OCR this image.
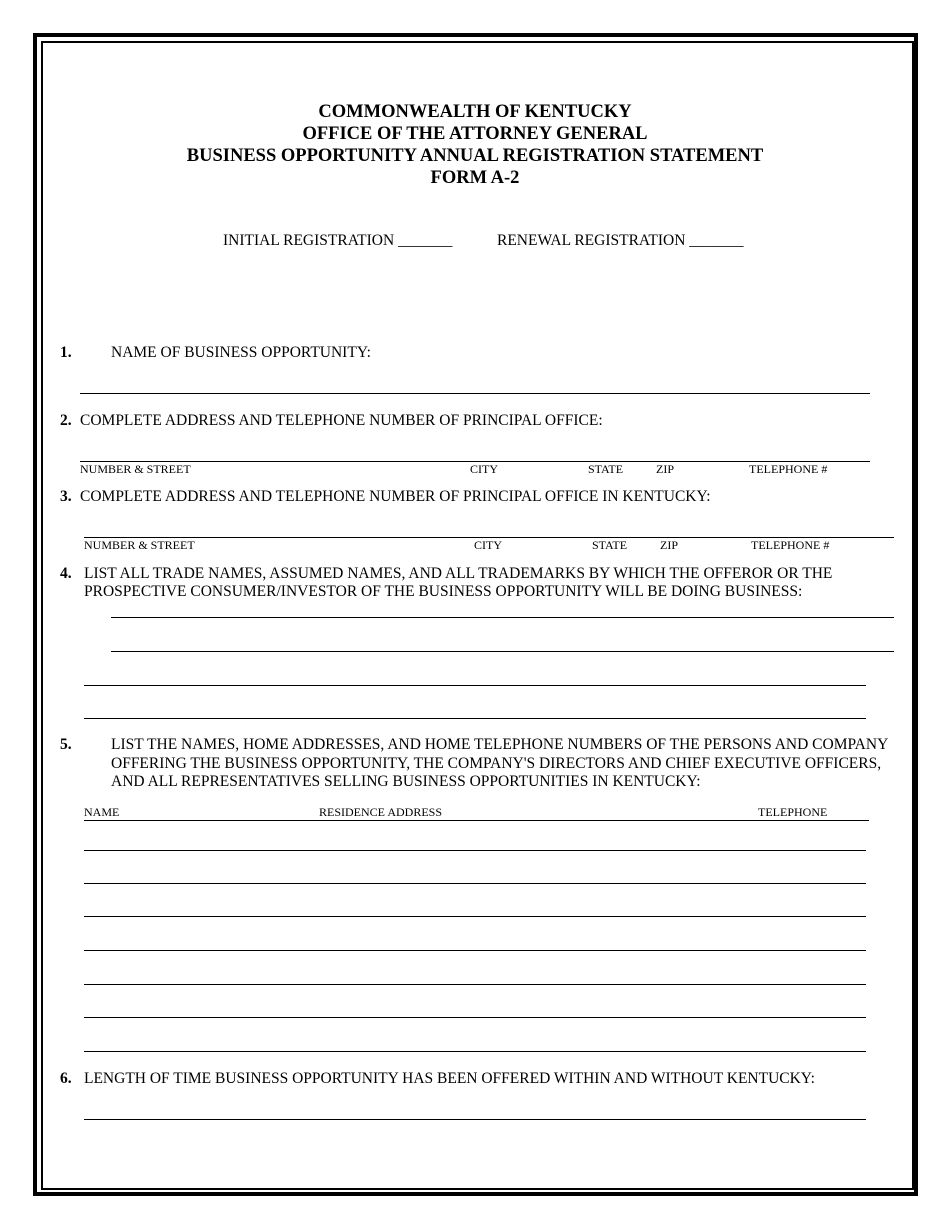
COMMONWEALTH OF KENTUCKY
OFFICE OF THE ATTORNEY GENERAL
BUSINESS OPPORTUNITY ANNUAL REGISTRATION STATEMENT
FORM A-2
INITIAL REGISTRATION _______	RENEWAL REGISTRATION _______
1.	NAME OF BUSINESS OPPORTUNITY:
2. COMPLETE ADDRESS AND TELEPHONE NUMBER OF PRINCIPAL OFFICE:
NUMBER & STREET	CITY	STATE	ZIP	TELEPHONE #
3. COMPLETE ADDRESS AND TELEPHONE NUMBER OF PRINCIPAL OFFICE IN KENTUCKY:
NUMBER & STREET	CITY	STATE	ZIP	TELEPHONE #
4. LIST ALL TRADE NAMES, ASSUMED NAMES, AND ALL TRADEMARKS BY WHICH THE OFFEROR OR THE
PROSPECTIVE CONSUMER/INVESTOR OF THE BUSINESS OPPORTUNITY WILL BE DOING BUSINESS:
5.	LIST THE NAMES, HOME ADDRESSES, AND HOME TELEPHONE NUMBERS OF THE PERSONS AND COMPANY
OFFERING THE BUSINESS OPPORTUNITY, THE COMPANY'S DIRECTORS AND CHIEF EXECUTIVE OFFICERS,
AND ALL REPRESENTATIVES SELLING BUSINESS OPPORTUNITIES IN KENTUCKY:
NAME	RESIDENCE ADDRESS	TELEPHONE
6. LENGTH OF TIME BUSINESS OPPORTUNITY HAS BEEN OFFERED WITHIN AND WITHOUT KENTUCKY:
